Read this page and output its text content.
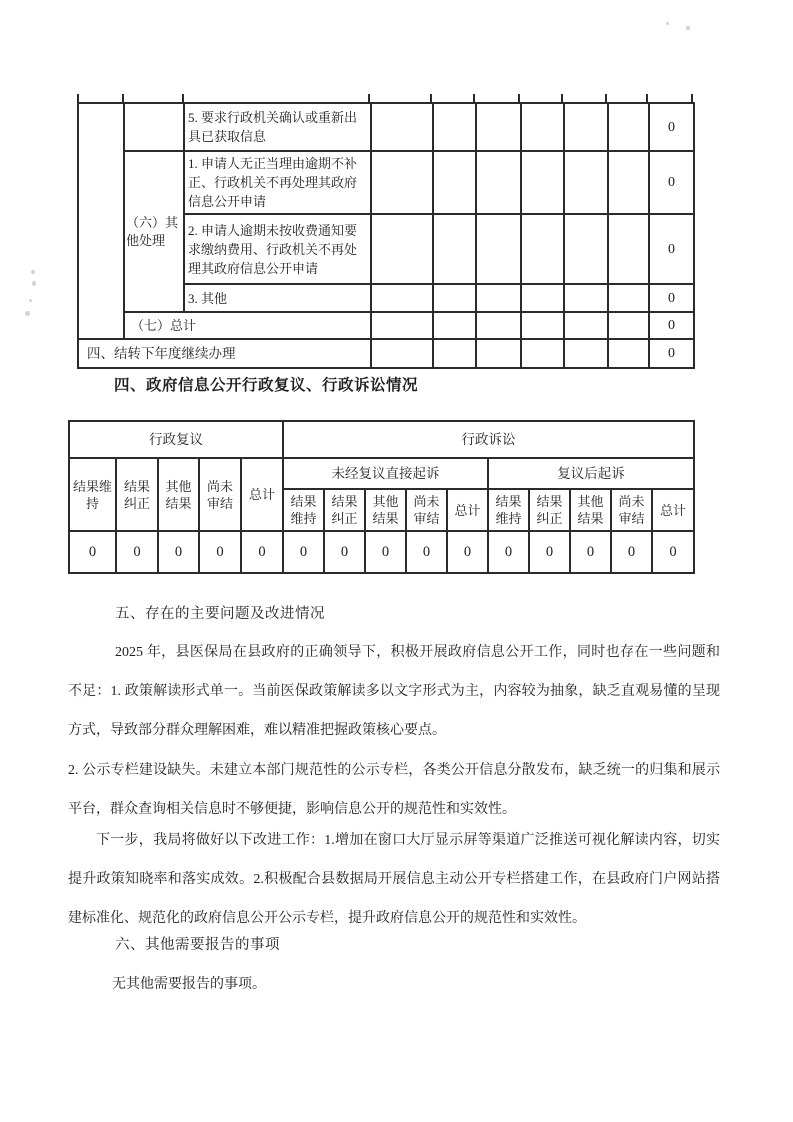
		5. 要求行政机关确认或重新出具已获取信息							0
	（六）其他处理	1. 申请人无正当理由逾期不补正、行政机关不再处理其政府信息公开申请							0
		2. 申请人逾期未按收费通知要求缴纳费用、行政机关不再处理其政府信息公开申请							0
		3. 其他							0
	（七）总计								0
四、结转下年度继续办理									0
四、政府信息公开行政复议、行政诉讼情况
行政复议					行政诉讼									
结果维持	结果纠正	其他结果	尚未审结	总计	未经复议直接起诉					复议后起诉				
					结果维持	结果纠正	其他结果	尚未审结	总计	结果维持	结果纠正	其他结果	尚未审结	总计
0	0	0	0	0	0	0	0	0	0	0	0	0	0	0
五、存在的主要问题及改进情况
2025 年，县医保局在县政府的正确领导下，积极开展政府信息公开工作，同时也存在一些问题和不足：1. 政策解读形式单一。当前医保政策解读多以文字形式为主，内容较为抽象，缺乏直观易懂的呈现方式，导致部分群众理解困难，难以精准把握政策核心要点。
2. 公示专栏建设缺失。未建立本部门规范性的公示专栏，各类公开信息分散发布，缺乏统一的归集和展示平台，群众查询相关信息时不够便捷，影响信息公开的规范性和实效性。
下一步，我局将做好以下改进工作：1.增加在窗口大厅显示屏等渠道广泛推送可视化解读内容，切实提升政策知晓率和落实成效。2.积极配合县数据局开展信息主动公开专栏搭建工作，在县政府门户网站搭建标准化、规范化的政府信息公开公示专栏，提升政府信息公开的规范性和实效性。
六、其他需要报告的事项
无其他需要报告的事项。
